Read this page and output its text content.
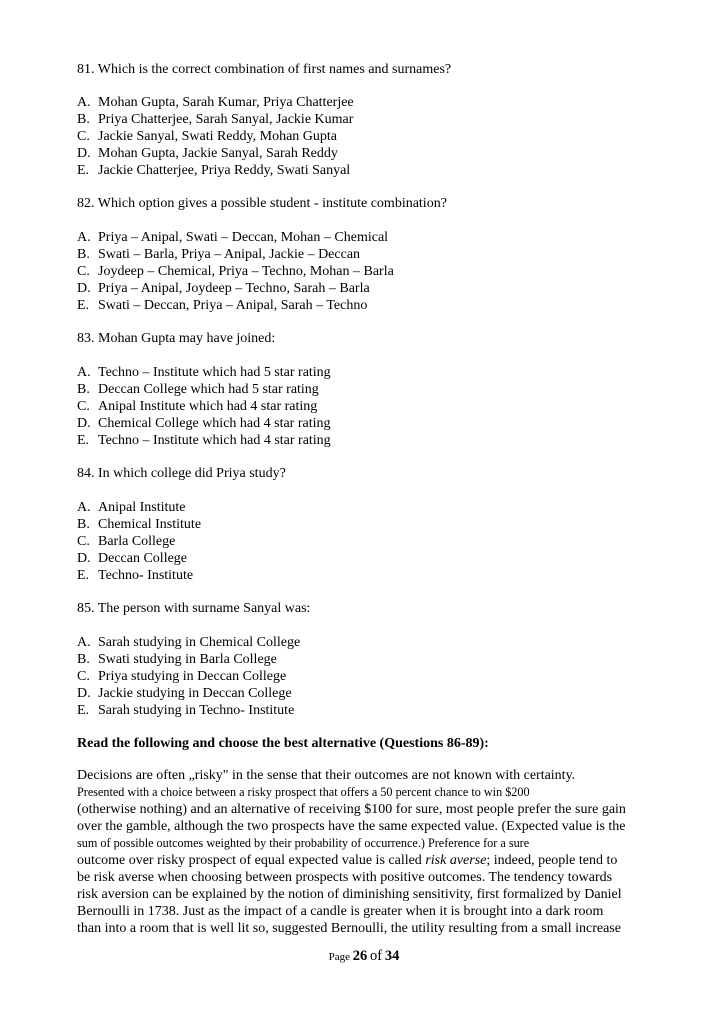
81. Which is the correct combination of first names and surnames?
A. Mohan Gupta, Sarah Kumar, Priya Chatterjee
B. Priya Chatterjee, Sarah Sanyal, Jackie Kumar
C. Jackie Sanyal, Swati Reddy, Mohan Gupta
D. Mohan Gupta, Jackie Sanyal, Sarah Reddy
E. Jackie Chatterjee, Priya Reddy, Swati Sanyal
82. Which option gives a possible student - institute combination?
A. Priya – Anipal, Swati – Deccan, Mohan – Chemical
B. Swati – Barla, Priya – Anipal, Jackie – Deccan
C. Joydeep – Chemical, Priya – Techno, Mohan – Barla
D. Priya – Anipal, Joydeep – Techno, Sarah – Barla
E. Swati – Deccan, Priya – Anipal, Sarah – Techno
83. Mohan Gupta may have joined:
A. Techno – Institute which had 5 star rating
B. Deccan College which had 5 star rating
C. Anipal Institute which had 4 star rating
D. Chemical College which had 4 star rating
E. Techno – Institute which had 4 star rating
84. In which college did Priya study?
A. Anipal Institute
B. Chemical Institute
C. Barla College
D. Deccan College
E. Techno- Institute
85. The person with surname Sanyal was:
A. Sarah studying in Chemical College
B. Swati studying in Barla College
C. Priya studying in Deccan College
D. Jackie studying in Deccan College
E. Sarah studying in Techno- Institute
Read the following and choose the best alternative (Questions 86-89):
Decisions are often „risky" in the sense that their outcomes are not known with certainty.
Presented with a choice between a risky prospect that offers a 50 percent chance to win $200
(otherwise nothing) and an alternative of receiving $100 for sure, most people prefer the sure gain
over the gamble, although the two prospects have the same expected value. (Expected value is the
sum of possible outcomes weighted by their probability of occurrence.) Preference for a sure
outcome over risky prospect of equal expected value is called risk averse; indeed, people tend to
be risk averse when choosing between prospects with positive outcomes. The tendency towards
risk aversion can be explained by the notion of diminishing sensitivity, first formalized by Daniel
Bernoulli in 1738. Just as the impact of a candle is greater when it is brought into a dark room
than into a room that is well lit so, suggested Bernoulli, the utility resulting from a small increase
Page 26 of 34
